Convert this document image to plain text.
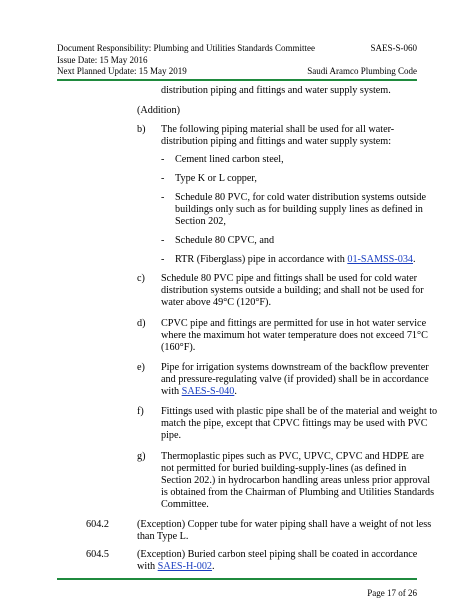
Document Responsibility: Plumbing and Utilities Standards Committee	SAES-S-060
Issue Date: 15 May 2016
Next Planned Update: 15 May 2019	Saudi Aramco Plumbing Code
distribution piping and fittings and water supply system.
(Addition)
b) The following piping material shall be used for all water-
distribution piping and fittings and water supply system:
- Cement lined carbon steel,
- Type K or L copper,
- Schedule 80 PVC, for cold water distribution systems outside
buildings only such as for building supply lines as defined in
Section 202,
- Schedule 80 CPVC, and
- RTR (Fiberglass) pipe in accordance with 01-SAMSS-034.
c) Schedule 80 PVC pipe and fittings shall be used for cold water
distribution systems outside a building; and shall not be used for
water above 49°C (120°F).
d) CPVC pipe and fittings are permitted for use in hot water service
where the maximum hot water temperature does not exceed 71°C
(160°F).
e) Pipe for irrigation systems downstream of the backflow preventer
and pressure-regulating valve (if provided) shall be in accordance
with SAES-S-040.
f) Fittings used with plastic pipe shall be of the material and weight to
match the pipe, except that CPVC fittings may be used with PVC
pipe.
g) Thermoplastic pipes such as PVC, UPVC, CPVC and HDPE are
not permitted for buried building-supply-lines (as defined in
Section 202.) in hydrocarbon handling areas unless prior approval
is obtained from the Chairman of Plumbing and Utilities Standards
Committee.
604.2	(Exception) Copper tube for water piping shall have a weight of not less
than Type L.
604.5	(Exception) Buried carbon steel piping shall be coated in accordance
with SAES-H-002.
Page 17 of 26
